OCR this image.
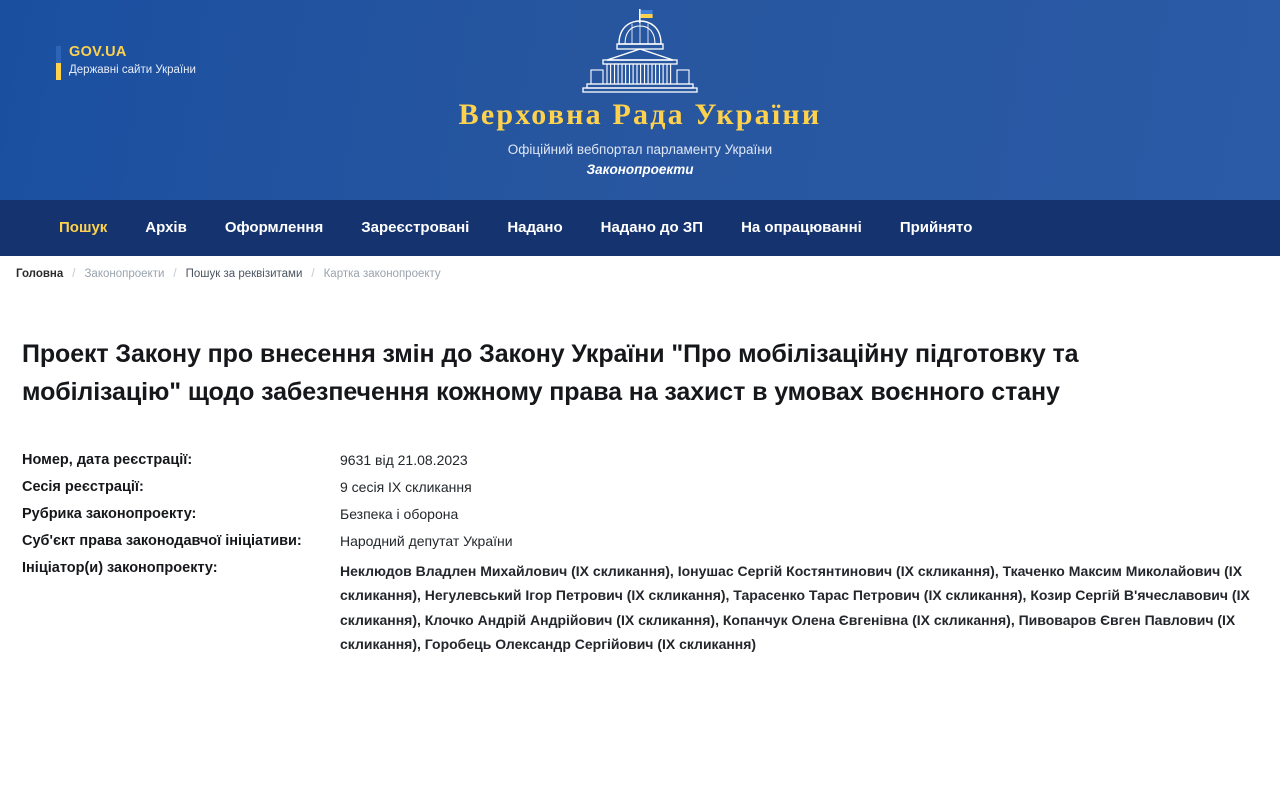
GOV.UA
Державні сайти України
Верховна Рада України
Офіційний вебпортал парламенту України
Законопроекти
Пошук	Архів	Оформлення	Зареєстровані	Надано	Надано до ЗП	На опрацюванні	Прийнято
Головна / Законопроекти / Пошук за реквізитами / Картка законопроекту
Проект Закону про внесення змін до Закону України "Про мобілізаційну підготовку та мобілізацію" щодо забезпечення кожному права на захист в умовах воєнного стану
Номер, дата реєстрації:	9631 від 21.08.2023
Сесія реєстрації:	9 сесія IX скликання
Рубрика законопроекту:	Безпека і оборона
Суб'єкт права законодавчої ініціативи:	Народний депутат України
Ініціатор(и) законопроекту:	Неклюдов Владлен Михайлович (IX скликання), Іонушас Сергій Костянтинович (IX скликання), Ткаченко Максим Миколайович (IX скликання), Негулевський Ігор Петрович (IX скликання), Тарасенко Тарас Петрович (IX скликання), Козир Сергій В'ячеславович (IX скликання), Клочко Андрій Андрійович (IX скликання), Копанчук Олена Євгенівна (IX скликання), Пивоваров Євген Павлович (IX скликання), Горобець Олександр Сергійович (IX скликання)
